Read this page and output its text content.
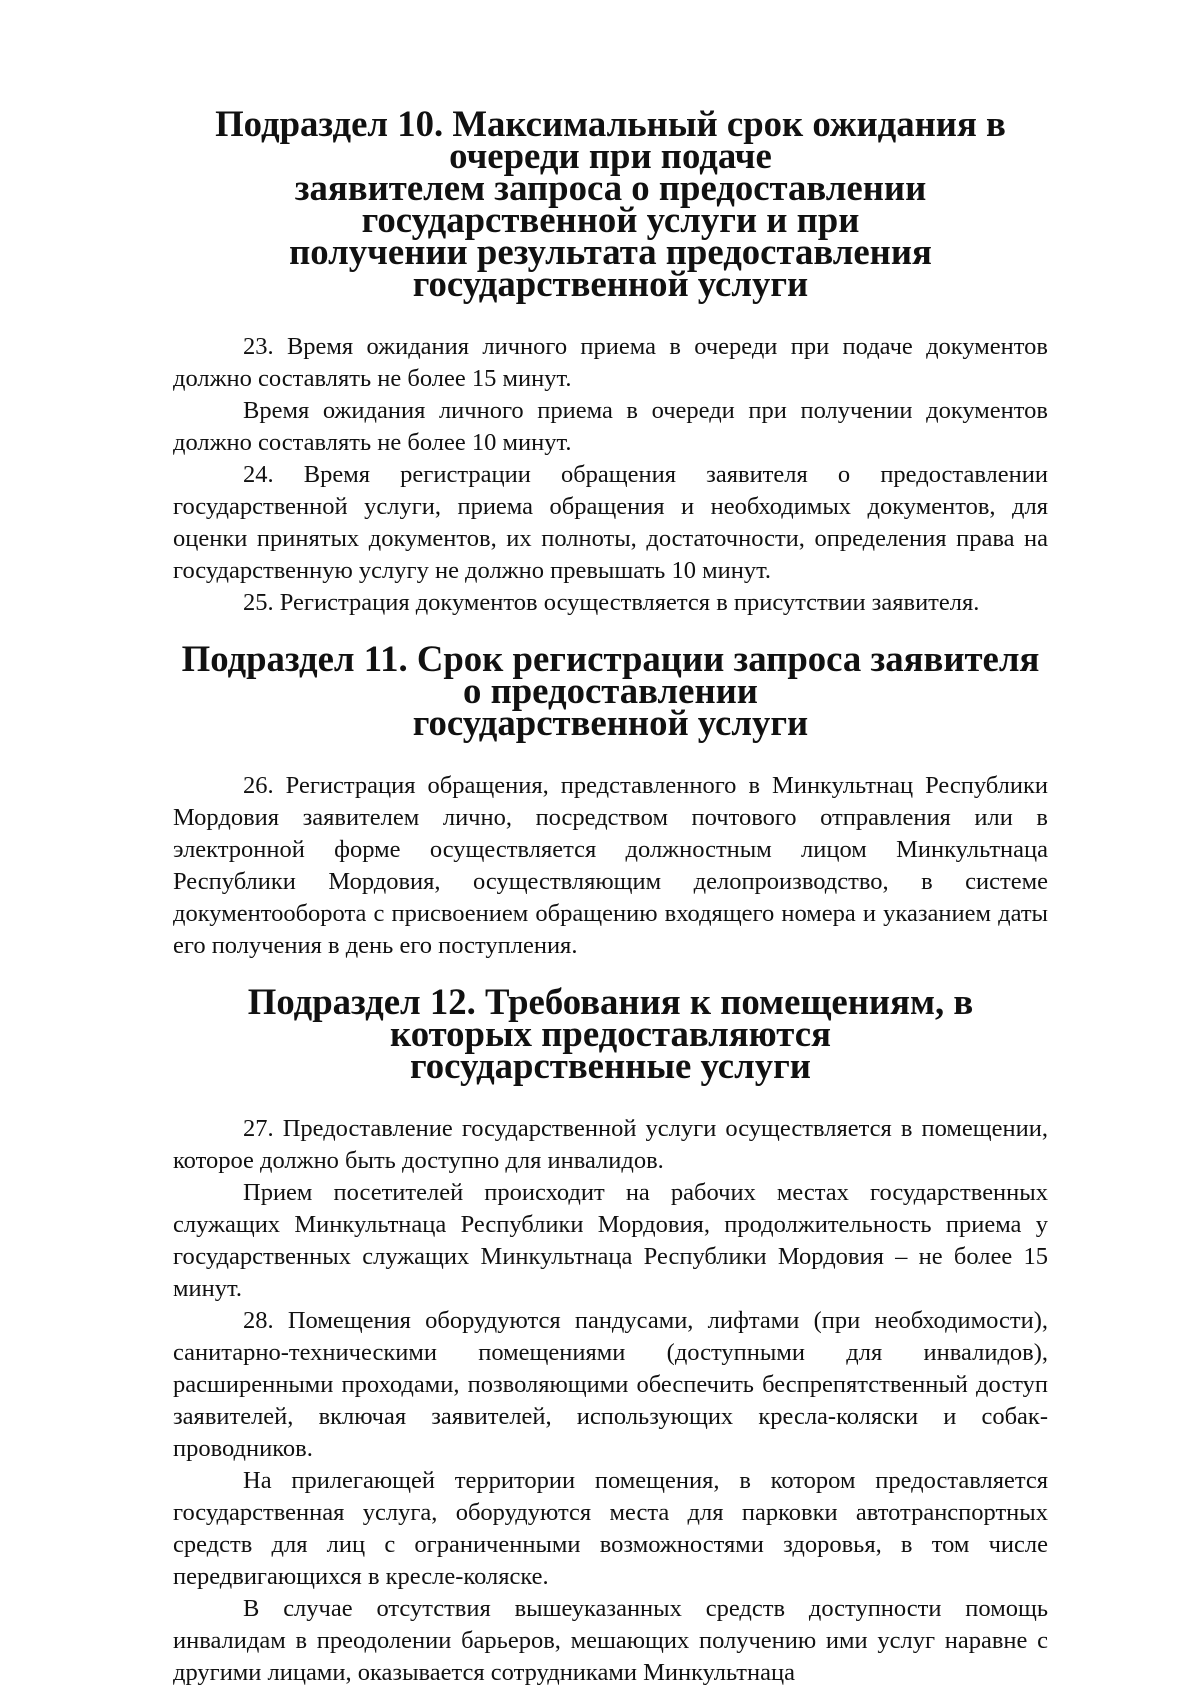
Подраздел 10. Максимальный срок ожидания в очереди при подаче
заявителем запроса о предоставлении государственной услуги и при
получении результата предоставления государственной услуги

23. Время ожидания личного приема в очереди при подаче документов должно составлять не более 15 минут.

Время ожидания личного приема в очереди при получении документов должно составлять не более 10 минут.

24. Время регистрации обращения заявителя о предоставлении государственной услуги, приема обращения и необходимых документов, для оценки принятых документов, их полноты, достаточности, определения права на государственную услугу не должно превышать 10 минут.

25. Регистрация документов осуществляется в присутствии заявителя.

Подраздел 11. Срок регистрации запроса заявителя о предоставлении
государственной услуги

26. Регистрация обращения, представленного в Минкультнац Республики Мордовия заявителем лично, посредством почтового отправления или в электронной форме осуществляется должностным лицом Минкультнаца Республики Мордовия, осуществляющим делопроизводство, в системе документооборота с присвоением обращению входящего номера и указанием даты его получения в день его поступления.

Подраздел 12. Требования к помещениям, в которых предоставляются
государственные услуги

27. Предоставление государственной услуги осуществляется в помещении, которое должно быть доступно для инвалидов.

Прием посетителей происходит на рабочих местах государственных служащих Минкультнаца Республики Мордовия, продолжительность приема у государственных служащих Минкультнаца Республики Мордовия – не более 15 минут.

28. Помещения оборудуются пандусами, лифтами (при необходимости), санитарно-техническими помещениями (доступными для инвалидов), расширенными проходами, позволяющими обеспечить беспрепятственный доступ заявителей, включая заявителей, использующих кресла-коляски и собак-проводников.

На прилегающей территории помещения, в котором предоставляется государственная услуга, оборудуются места для парковки автотранспортных средств для лиц с ограниченными возможностями здоровья, в том числе передвигающихся в кресле-коляске.

В случае отсутствия вышеуказанных средств доступности помощь инвалидам в преодолении барьеров, мешающих получению ими услуг наравне с другими лицами, оказывается сотрудниками Минкультнаца
